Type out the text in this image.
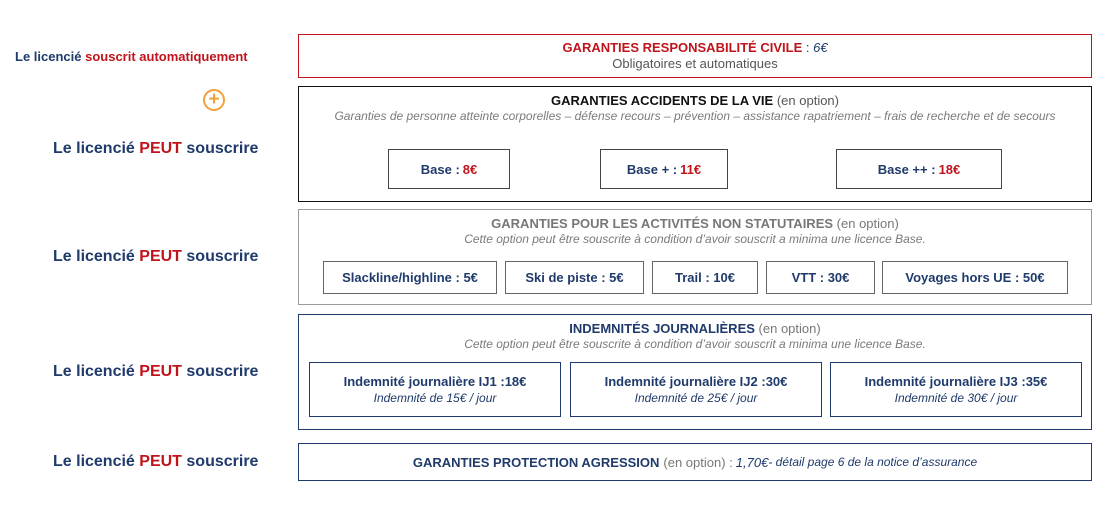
Le licencié souscrit automatiquement
+
Le licencié PEUT souscrire
Le licencié PEUT souscrire
Le licencié PEUT souscrire
Le licencié PEUT souscrire
GARANTIES RESPONSABILITÉ CIVILE : 6€
Obligatoires et automatiques
GARANTIES ACCIDENTS DE LA VIE (en option)
Garanties de personne atteinte corporelles – défense recours – prévention – assistance rapatriement – frais de recherche et de secours
Base : 8€	Base + : 11€	Base ++ : 18€
GARANTIES POUR LES ACTIVITÉS NON STATUTAIRES (en option)
Cette option peut être souscrite à condition d’avoir souscrit a minima une licence Base.
Slackline/highline : 5€	Ski de piste : 5€	Trail : 10€	VTT : 30€	Voyages hors UE : 50€
INDEMNITÉS JOURNALIÈRES (en option)
Cette option peut être souscrite à condition d’avoir souscrit a minima une licence Base.
Indemnité journalière IJ1 :18€
Indemnité de 15€ / jour
Indemnité journalière IJ2 :30€
Indemnité de 25€ / jour
Indemnité journalière IJ3 :35€
Indemnité de 30€ / jour
GARANTIES PROTECTION AGRESSION (en option) : 1,70€ - détail page 6 de la notice d’assurance
